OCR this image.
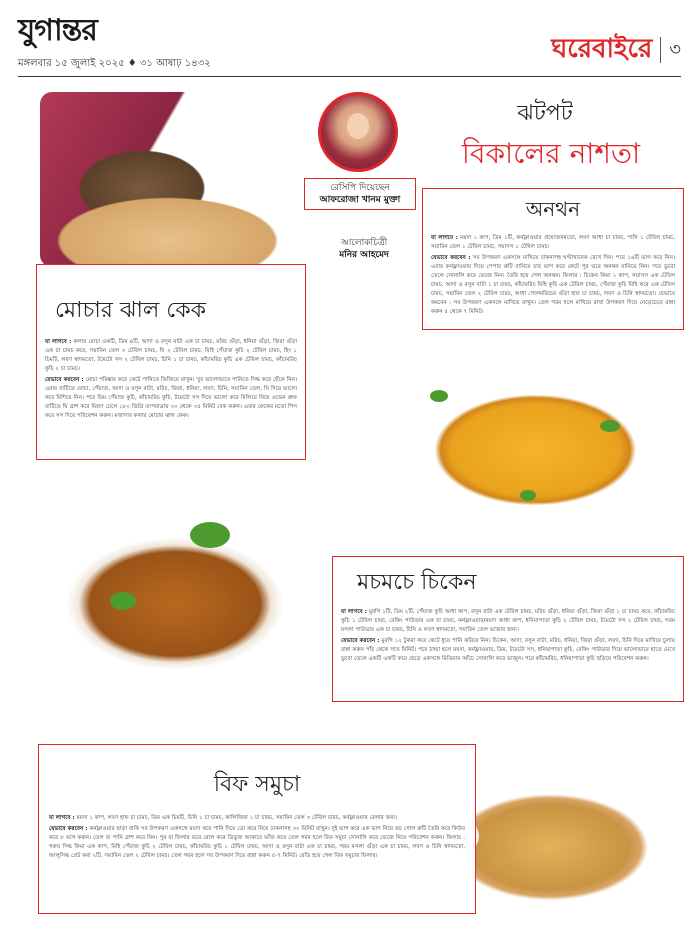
যুগান্তর
মঙ্গলবার ১৫ জুলাই ২০২৫ ♦ ৩১ আষাঢ় ১৪৩২	ঘরেবাইরে ৩
রেসিপি দিয়েছেন
আফরোজা খানম মুক্তা
আলোকচিত্রী
মনির আহমেদ
ঝটপট
বিকালের নাশতা
অনথন

যা লাগবে : ময়দা ১ কাপ, ডিম ১টি, কর্নফ্লাওয়ার প্রয়োজনমতো, লবণ আধা চা চামচ, পানি ১ টেবিল চামচ, সয়াবিন তেল ১ টেবিল চামচ, সয়াসস ১ টেবিল চামচ।

যেভাবে করবেন : সব উপকরণ একসঙ্গে মাখিয়ে ঢাকনাসহ ঘণ্টাখানেক রেখে দিন। পরে ১৬টি ভাগ করে নিন। এবার কর্নফ্লাওয়ার দিয়ে পেপার রুটি বানিয়ে চার ভাগ করে কেটে পুর ভরে অনথন বানিয়ে নিন। পরে ডুবো তেলে সোনালি করে ভেজে নিন। তৈরি হয়ে গেল অনথন। ফিলার : চিকেন কিমা ১ কাপ, সয়াসস এক টেবিল চামচ, আদা ও রসুন বাটা ১ চা চামচ, কাঁচামরিচ মিহি কুচি এক টেবিল চামচ, পেঁয়াজ কুচি মিহি করে এক টেবিল চামচ, সয়াবিন তেল ২ টেবিল চামচ, আধা গোলমরিচের গুঁড়া হাফ চা চামচ, লবণ ও চিনি স্বাদমতো। যেভাবে করবেন : সব উপকরণ একসঙ্গে মাখিয়ে রাখুন। তেল গরম হলে মাখিয়ে রাখা উপকরণ দিয়ে নেড়েচেড়ে রান্না করুন ৫ থেকে ৭ মিনিট।

মোচার ঝাল কেক

যা লাগবে : কলার মোচা একটি, ডিম ৪টি, আদা ও রসুন বাটা এক চা চামচ, মরিচ গুঁড়া, ধনিয়া গুঁড়া, জিরা গুঁড়া এক চা চামচ করে, সয়াবিন তেল ৩ টেবিল চামচ, ঘি ২ টেবিল চামচ, মিহি পেঁয়াজ কুচি ২ টেবিল চামচ, হিং ১ চিমটি, লবণ স্বাদমতো, টমেটো সস ২ টেবিল চামচ, চিনি ১ চা চামচ, কাঁচামরিচ কুচি এক টেবিল চামচ, কাঁচামরিচ কুচি ২ চা চামচ।

যেভাবে করবেন : মোচা পরিষ্কার করে কেটে পানিতে ভিজিয়ে রাখুন। খুব ভালোভাবে পানিতে সিদ্ধ করে ছেঁকে নিন। এবার বাটিতে মোচা, পেঁয়াজ, আদা ও রসুন বাটা, মরিচ, জিরা, ধনিয়া, লবণ, চিনি, সয়াবিন তেল, ঘি দিয়ে ভালো করে মিশিয়ে নিন। পরে ডিম পেঁয়াজ কুচি, কাঁচামরিচ কুচি, টমেটো সস দিয়ে ভালো করে মিলিয়ে নিয়ে ওভেন প্রুফ বাটিতে ঘি ব্রাশ করে মিশ্রণ ঢেলে ১৮০ ডিগ্রি তাপমাত্রায় ৩০ থেকে ৩৫ মিনিট বেক করুন। এবার কেকের মতো পিস করে সস দিয়ে পরিবেশন করুন। মজাদার কলার মোচার ঝাল কেক।

মচমচে চিকেন

যা লাগবে : মুরগি ১টি, ডিম ২টি, পেঁয়াজ কুচি আধা কাপ, রসুন বাটা এক টেবিল চামচ, মরিচ গুঁড়া, ধনিয়া গুঁড়া, জিরা গুঁড়া ১ চা চামচ করে, কাঁচামরিচ কুচি ১ টেবিল চামচ, বেকিং পাউডার এক চা চামচ, কর্নফ্লাওয়ার/ময়দা আধা কাপ, ধনিয়াপাতা কুচি ২ টেবিল চামচ, টমেটো সস ২ টেবিল চামচ, গরম মসলা পাউডার এক চা চামচ, চিনি ও লবণ স্বাদমতো, সয়াবিন তেল ভাজার জন্য।

যেভাবে করবেন : মুরগি ১২ টুকরা করে কেটে ধুয়ে পানি ঝরিয়ে নিন। চিকেন, আদা, রসুন বাটা, মরিচ, ধনিয়া, জিরা গুঁড়া, লবণ, চিনি দিয়ে মাখিয়ে চুলায় রান্না করুন পাঁচ থেকে সাত মিনিট। পরে ঠান্ডা হলে ময়দা, কর্নফ্লাওয়ার, ডিম, টমেটো সস, ধনিয়াপাতা কুচি, বেকিং পাউডার দিয়ে ভালোভাবে হাতে মেখে ডুবো তেলে একটি একটি করে ছেড়ে একসঙ্গে মিডিয়াম আঁচে সোনালি করে ভাজুন। পরে কাঁচামরিচ, ধনিয়াপাতা কুচি ছড়িয়ে পরিবেশন করুন।

বিফ সমুচা

যা লাগবে : ময়দা ১ কাপ, লবণ হাফ চা চামচ, ডিম এক চিমটি, চিনি ১ চা চামচ, কালিজিরা ১ চা চামচ, সয়াবিন তেল ৩ টেবিল চামচ, কর্নফ্লাওয়ার বেলার জন্য।

যেভাবে করবেন : কর্নফ্লাওয়ার ছাড়া বাকি সব উপকরণ একসঙ্গে ময়দা করে পানি দিয়ে ডো করে নিয়ে ঢাকনাসহ ৩০ মিনিট রাখুন। দুই ভাগ করে এক ভাগ নিয়ে বড় গোল রুটি তৈরি করে কিউব করে ৮ ভাগ করুন। তেল বা পানি ব্রাশ করে নিন। পুর বা ফিলার ভরে রোল করে ত্রিভুজ আকারে ভাঁজ করে তেল গরম হলে বিফ সমুচা সোনালি করে ভেজে নিয়ে পরিবেশন করুন। ফিলার : গরুর সিদ্ধ কিমা এক কাপ, মিহি পেঁয়াজ কুচি ২ টেবিল চামচ, কাঁচামরিচ কুচি ১ টেবিল চামচ, আদা ও রসুন বাটা এক চা চামচ, গরম মসলা গুঁড়া এক চা চামচ, লবণ ও চিনি স্বাদমতো, আলুসিদ্ধ গ্রেট করা ২টি, সয়াবিন তেল ২ টেবিল চামচ। তেল গরম হলে সব উপকরণ দিয়ে রান্না করুন ৫-৭ মিনিট। রেডি হয়ে গেল বিফ সমুচার ফিলার।
